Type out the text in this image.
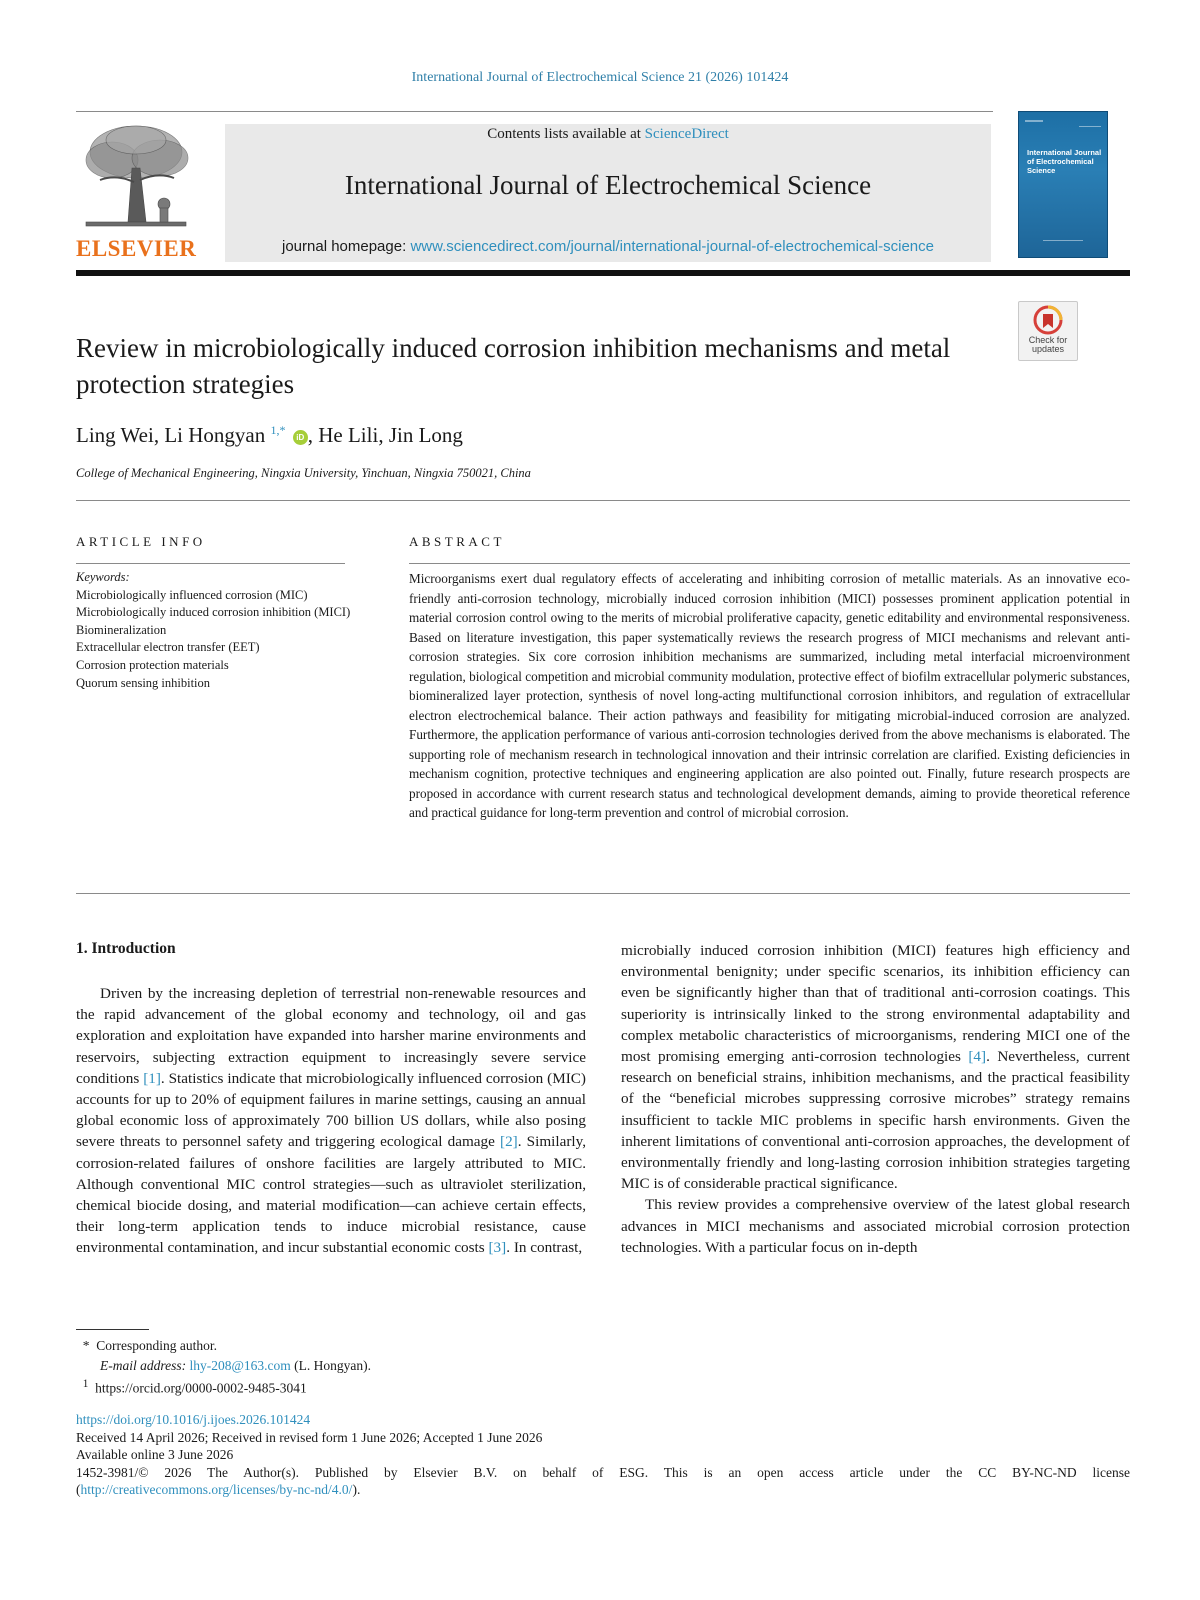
International Journal of Electrochemical Science 21 (2026) 101424
ELSEVIER
Contents lists available at ScienceDirect
International Journal of Electrochemical Science
journal homepage: www.sciencedirect.com/journal/international-journal-of-electrochemical-science
International Journal of Electrochemical Science
Review in microbiologically induced corrosion inhibition mechanisms and metal protection strategies
Check for updates
Ling Wei, Li Hongyan $^{1,*}$ iD , He Lili, Jin Long
College of Mechanical Engineering, Ningxia University, Yinchuan, Ningxia 750021, China
ARTICLE INFO	ABSTRACT
Keywords:
Microbiologically influenced corrosion (MIC)
Microbiologically induced corrosion inhibition (MICI)
Biomineralization
Extracellular electron transfer (EET)
Corrosion protection materials
Quorum sensing inhibition
Microorganisms exert dual regulatory effects of accelerating and inhibiting corrosion of metallic materials. As an innovative eco-friendly anti-corrosion technology, microbially induced corrosion inhibition (MICI) possesses prominent application potential in material corrosion control owing to the merits of microbial proliferative capacity, genetic editability and environmental responsiveness. Based on literature investigation, this paper systematically reviews the research progress of MICI mechanisms and relevant anti-corrosion strategies. Six core corrosion inhibition mechanisms are summarized, including metal interfacial microenvironment regulation, biological competition and microbial community modulation, protective effect of biofilm extracellular polymeric substances, biomineralized layer protection, synthesis of novel long-acting multifunctional corrosion inhibitors, and regulation of extracellular electron electrochemical balance. Their action pathways and feasibility for mitigating microbial-induced corrosion are analyzed. Furthermore, the application performance of various anti-corrosion technologies derived from the above mechanisms is elaborated. The supporting role of mechanism research in technological innovation and their intrinsic correlation are clarified. Existing deficiencies in mechanism cognition, protective techniques and engineering application are also pointed out. Finally, future research prospects are proposed in accordance with current research status and technological development demands, aiming to provide theoretical reference and practical guidance for long-term prevention and control of microbial corrosion.
1. Introduction

Driven by the increasing depletion of terrestrial non-renewable resources and the rapid advancement of the global economy and technology, oil and gas exploration and exploitation have expanded into harsher marine environments and reservoirs, subjecting extraction equipment to increasingly severe service conditions [1]. Statistics indicate that microbiologically influenced corrosion (MIC) accounts for up to 20% of equipment failures in marine settings, causing an annual global economic loss of approximately 700 billion US dollars, while also posing severe threats to personnel safety and triggering ecological damage [2]. Similarly, corrosion-related failures of onshore facilities are largely attributed to MIC. Although conventional MIC control strategies—such as ultraviolet sterilization, chemical biocide dosing, and material modification—can achieve certain effects, their long-term application tends to induce microbial resistance, cause environmental contamination, and incur substantial economic costs [3]. In contrast,

microbially induced corrosion inhibition (MICI) features high efficiency and environmental benignity; under specific scenarios, its inhibition efficiency can even be significantly higher than that of traditional anti-corrosion coatings. This superiority is intrinsically linked to the strong environmental adaptability and complex metabolic characteristics of microorganisms, rendering MICI one of the most promising emerging anti-corrosion technologies [4]. Nevertheless, current research on beneficial strains, inhibition mechanisms, and the practical feasibility of the “beneficial microbes suppressing corrosive microbes” strategy remains insufficient to tackle MIC problems in specific harsh environments. Given the inherent limitations of conventional anti-corrosion approaches, the development of environmentally friendly and long-lasting corrosion inhibition strategies targeting MIC is of considerable practical significance.

This review provides a comprehensive overview of the latest global research advances in MICI mechanisms and associated microbial corrosion protection technologies. With a particular focus on in-depth

* Corresponding author.
E-mail address: lhy-208@163.com (L. Hongyan).
$^1$ https://orcid.org/0000-0002-9485-3041
https://doi.org/10.1016/j.ijoes.2026.101424
Received 14 April 2026; Received in revised form 1 June 2026; Accepted 1 June 2026
Available online 3 June 2026
1452-3981/© 2026 The Author(s). Published by Elsevier B.V. on behalf of ESG. This is an open access article under the CC BY-NC-ND license
(http://creativecommons.org/licenses/by-nc-nd/4.0/).
